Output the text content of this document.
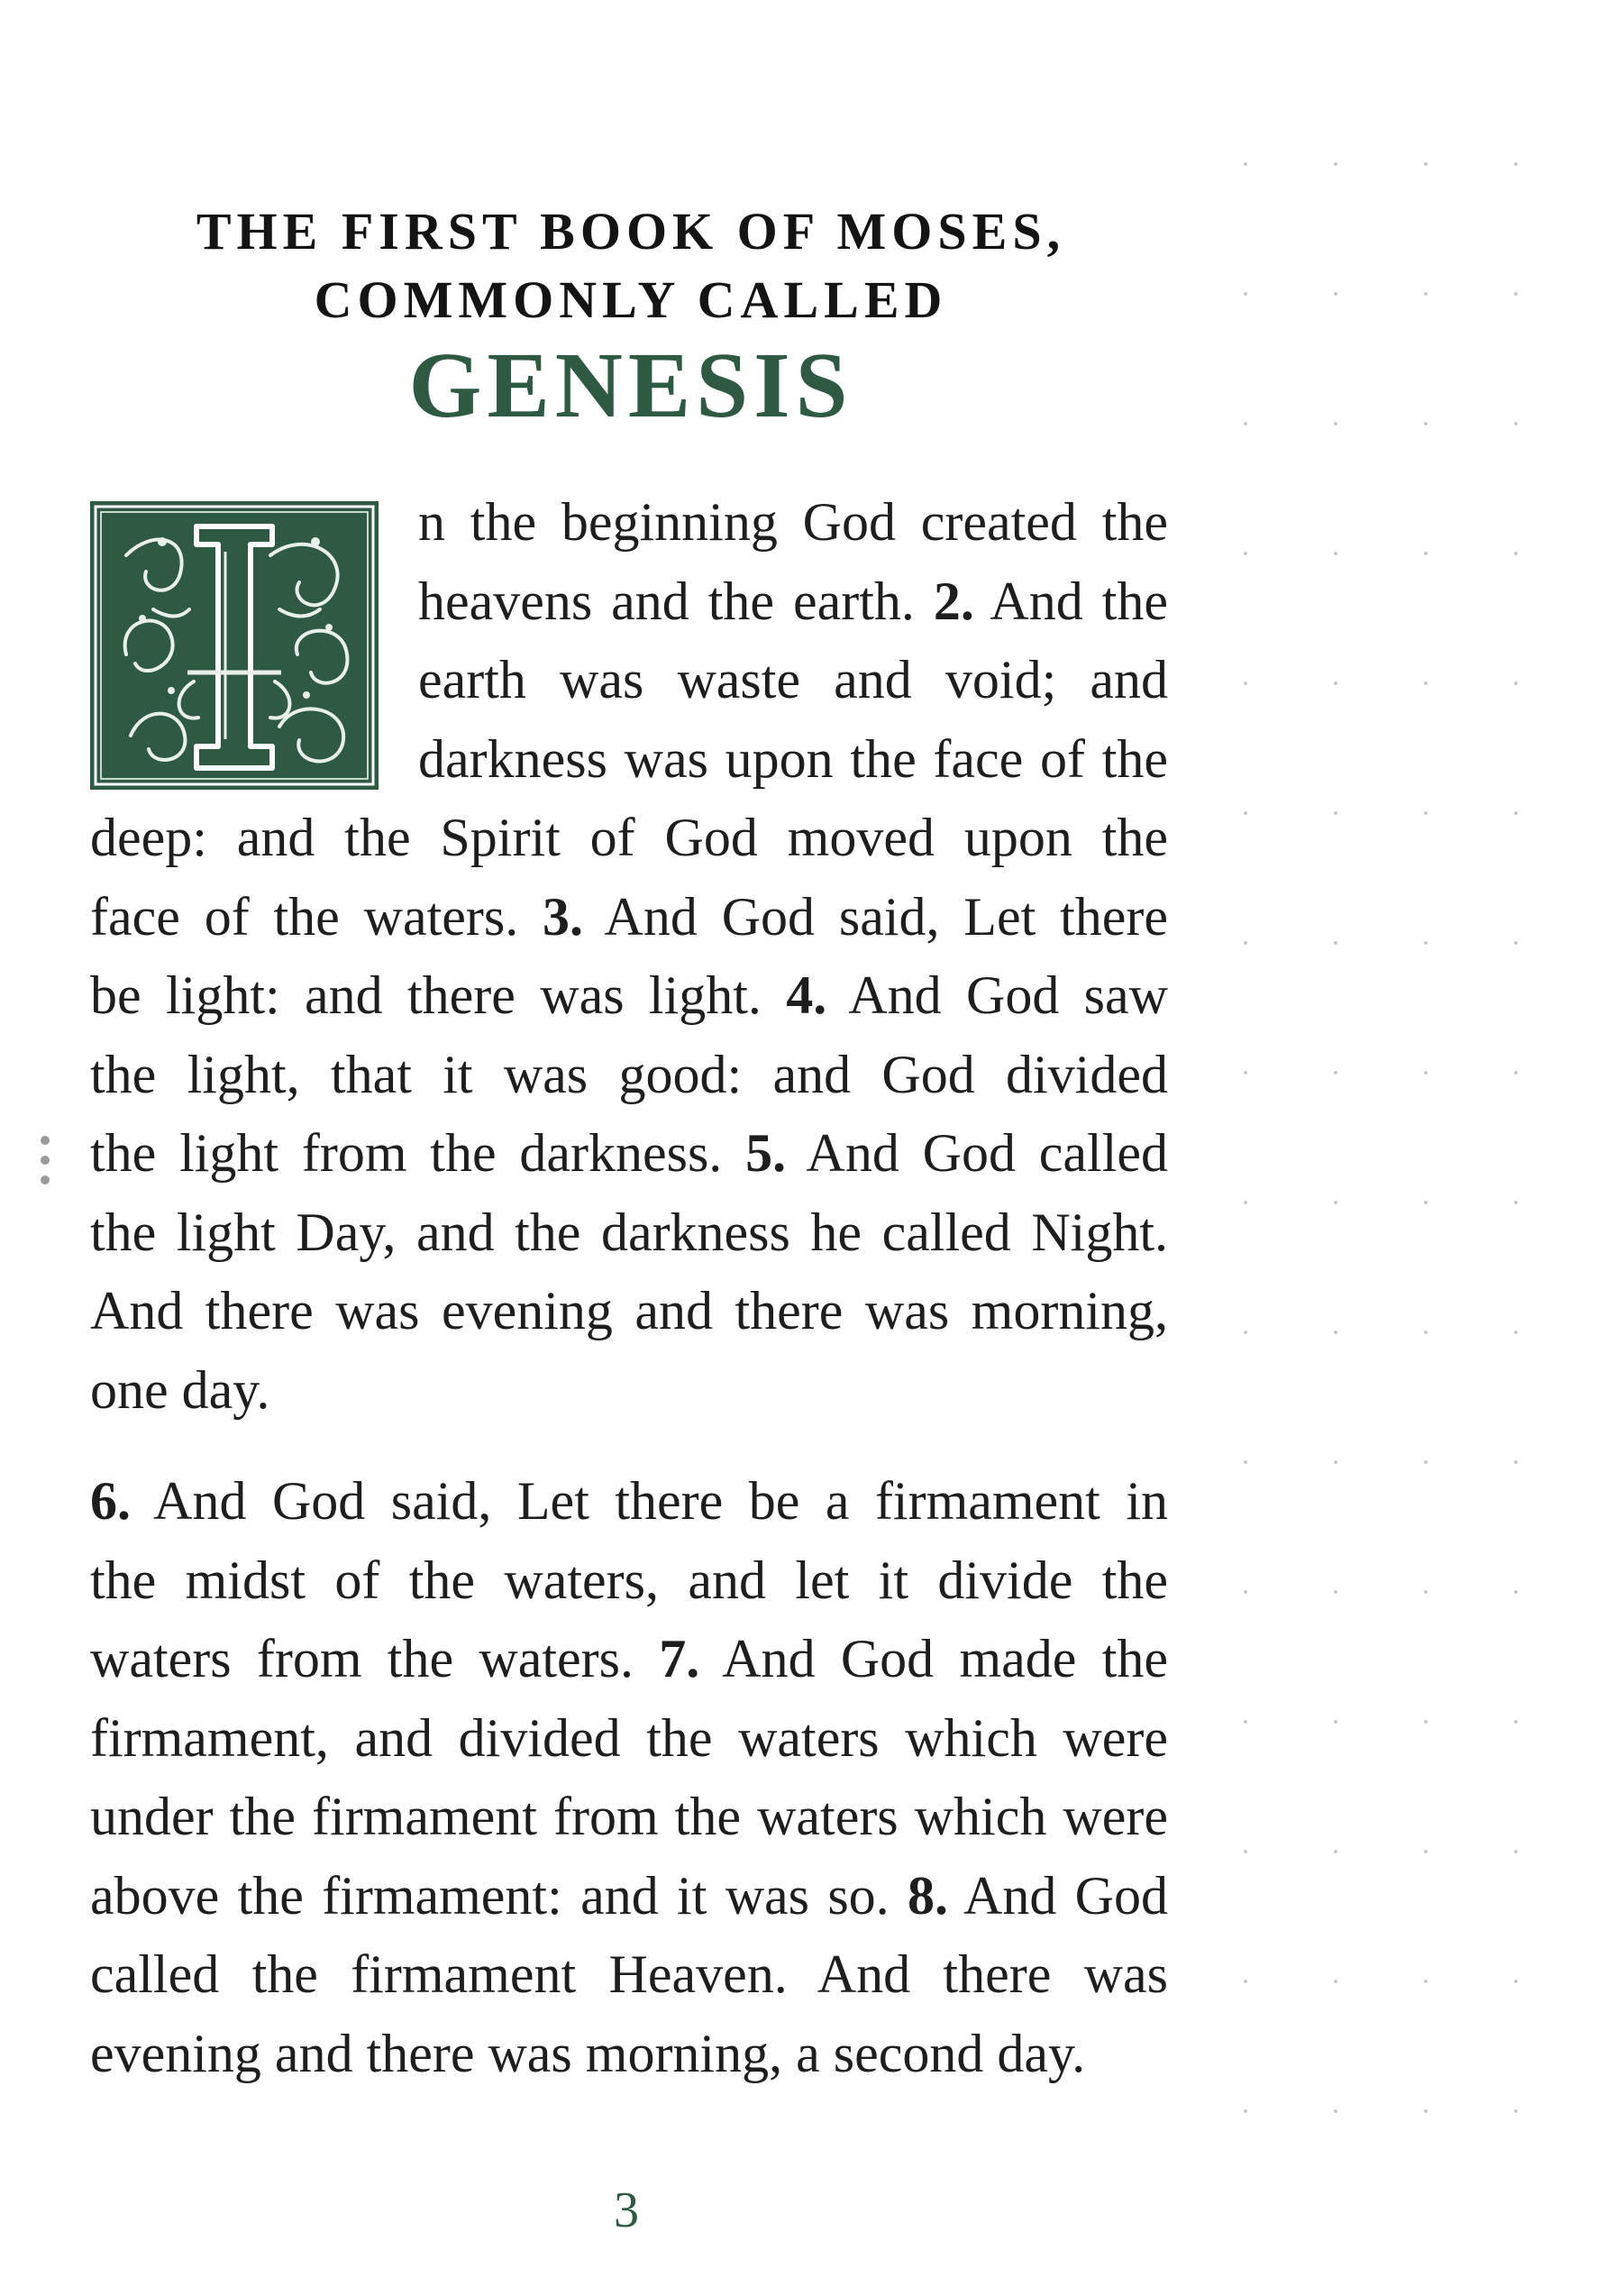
THE FIRST BOOK OF MOSES,
COMMONLY CALLED
GENESIS
n the beginning God created the
heavens and the earth. 2. And the
earth was waste and void; and
darkness was upon the face of the
deep: and the Spirit of God moved upon the
face of the waters. 3. And God said, Let there
be light: and there was light. 4. And God saw
the light, that it was good: and God divided
the light from the darkness. 5. And God called
the light Day, and the darkness he called Night.
And there was evening and there was morning,
one day.
6. And God said, Let there be a firmament in
the midst of the waters, and let it divide the
waters from the waters. 7. And God made the
firmament, and divided the waters which were
under the firmament from the waters which were
above the firmament: and it was so. 8. And God
called the firmament Heaven. And there was
evening and there was morning, a second day.
3
